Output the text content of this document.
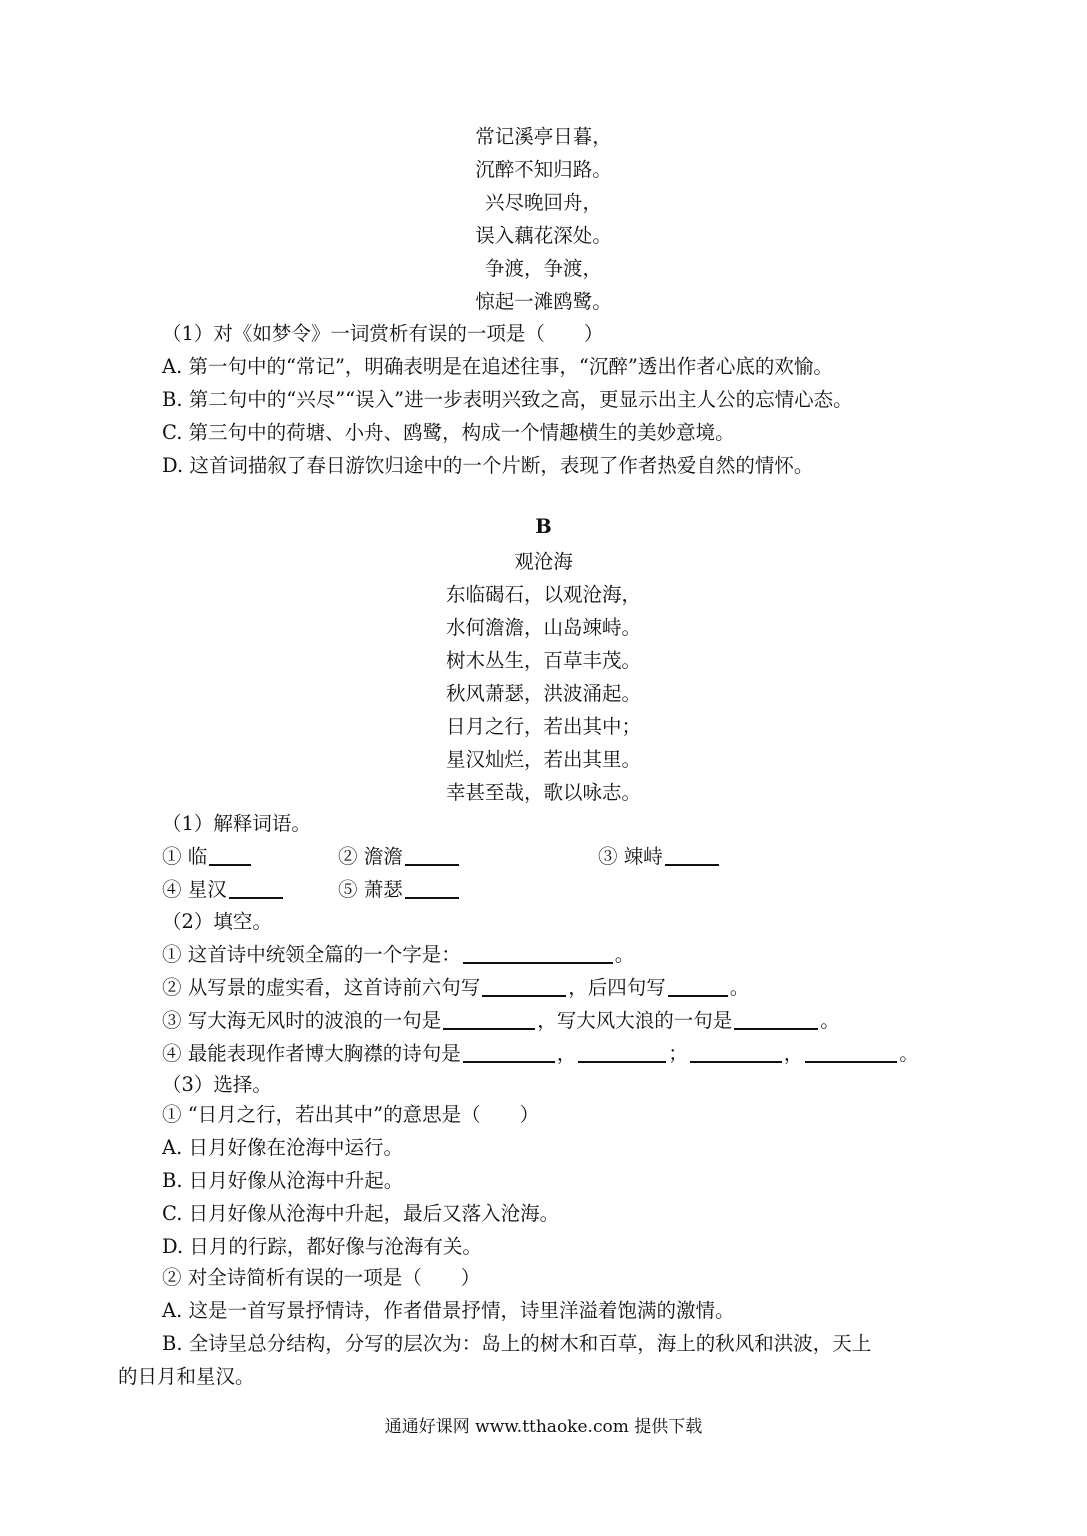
常记溪亭日暮，
沉醉不知归路。
兴尽晚回舟，
误入藕花深处。
争渡，争渡，
惊起一滩鸥鹭。
（1）对《如梦令》一词赏析有误的一项是（　　）
A. 第一句中的“常记”，明确表明是在追述往事，“沉醉”透出作者心底的欢愉。
B. 第二句中的“兴尽”“误入”进一步表明兴致之高，更显示出主人公的忘情心态。
C. 第三句中的荷塘、小舟、鸥鹭，构成一个情趣横生的美妙意境。
D. 这首词描叙了春日游饮归途中的一个片断，表现了作者热爱自然的情怀。
B
观沧海
东临碣石，以观沧海，
水何澹澹，山岛竦峙。
树木丛生，百草丰茂。
秋风萧瑟，洪波涌起。
日月之行，若出其中；
星汉灿烂，若出其里。
幸甚至哉，歌以咏志。
（1）解释词语。
① 临	② 澹澹	③ 竦峙
④ 星汉	⑤ 萧瑟
（2）填空。
① 这首诗中统领全篇的一个字是：	。
② 从写景的虚实看，这首诗前六句写	，后四句写	。
③ 写大海无风时的波浪的一句是	，写大风大浪的一句是	。
④ 最能表现作者博大胸襟的诗句是	，	；	，	。
（3）选择。
① “日月之行，若出其中”的意思是（　　）
A. 日月好像在沧海中运行。
B. 日月好像从沧海中升起。
C. 日月好像从沧海中升起，最后又落入沧海。
D. 日月的行踪，都好像与沧海有关。
② 对全诗简析有误的一项是（　　）
A. 这是一首写景抒情诗，作者借景抒情，诗里洋溢着饱满的激情。
B. 全诗呈总分结构，分写的层次为：岛上的树木和百草，海上的秋风和洪波，天上
的日月和星汉。
通通好课网 www.tthaoke.com 提供下载
